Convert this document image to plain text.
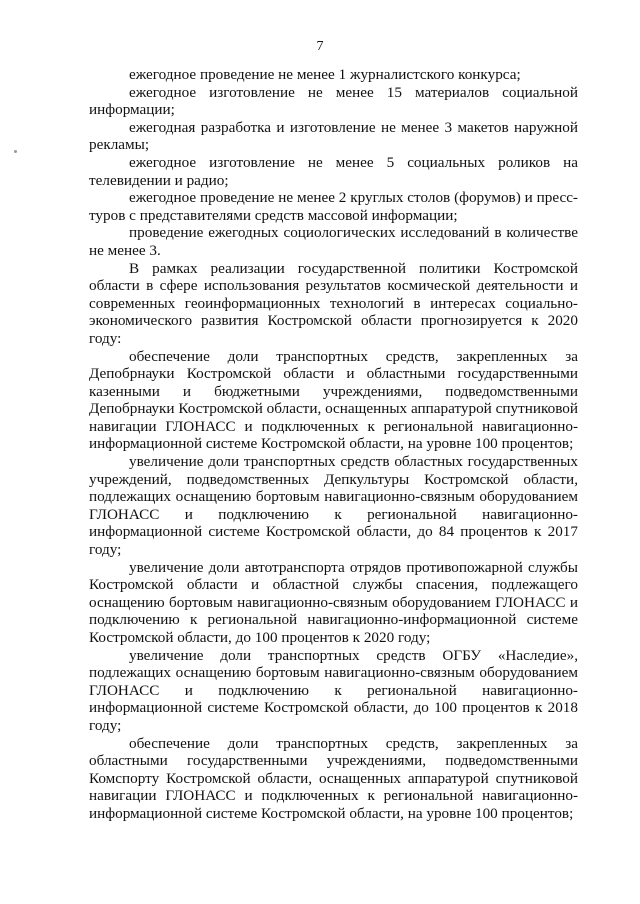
7

ежегодное проведение не менее 1 журналистского конкурса;

ежегодное изготовление не менее 15 материалов социальной информации;

ежегодная разработка и изготовление не менее 3 макетов наружной рекламы;

ежегодное изготовление не менее 5 социальных роликов на телевидении и радио;

ежегодное проведение не менее 2 круглых столов (форумов) и пресс-туров с представителями средств массовой информации;

проведение ежегодных социологических исследований в количестве не менее 3.

В рамках реализации государственной политики Костромской области в сфере использования результатов космической деятельности и современных геоинформационных технологий в интересах социально-экономического развития Костромской области прогнозируется к 2020 году:

обеспечение доли транспортных средств, закрепленных за Депобрнауки Костромской области и областными государственными казенными и бюджетными учреждениями, подведомственными Депобрнауки Костромской области, оснащенных аппаратурой спутниковой навигации ГЛОНАСС и подключенных к региональной навигационно-информационной системе Костромской области, на уровне 100 процентов;

увеличение доли транспортных средств областных государственных учреждений, подведомственных Депкультуры Костромской области, подлежащих оснащению бортовым навигационно-связным оборудованием ГЛОНАСС и подключению к региональной навигационно-информационной системе Костромской области, до 84 процентов к 2017 году;

увеличение доли автотранспорта отрядов противопожарной службы Костромской области и областной службы спасения, подлежащего оснащению бортовым навигационно-связным оборудованием ГЛОНАСС и подключению к региональной навигационно-информационной системе Костромской области, до 100 процентов к 2020 году;

увеличение доли транспортных средств ОГБУ «Наследие», подлежащих оснащению бортовым навигационно-связным оборудованием ГЛОНАСС и подключению к региональной навигационно-информационной системе Костромской области, до 100 процентов к 2018 году;

обеспечение доли транспортных средств, закрепленных за областными государственными учреждениями, подведомственными Комспорту Костромской области, оснащенных аппаратурой спутниковой навигации ГЛОНАСС и подключенных к региональной навигационно-информационной системе Костромской области, на уровне 100 процентов;
